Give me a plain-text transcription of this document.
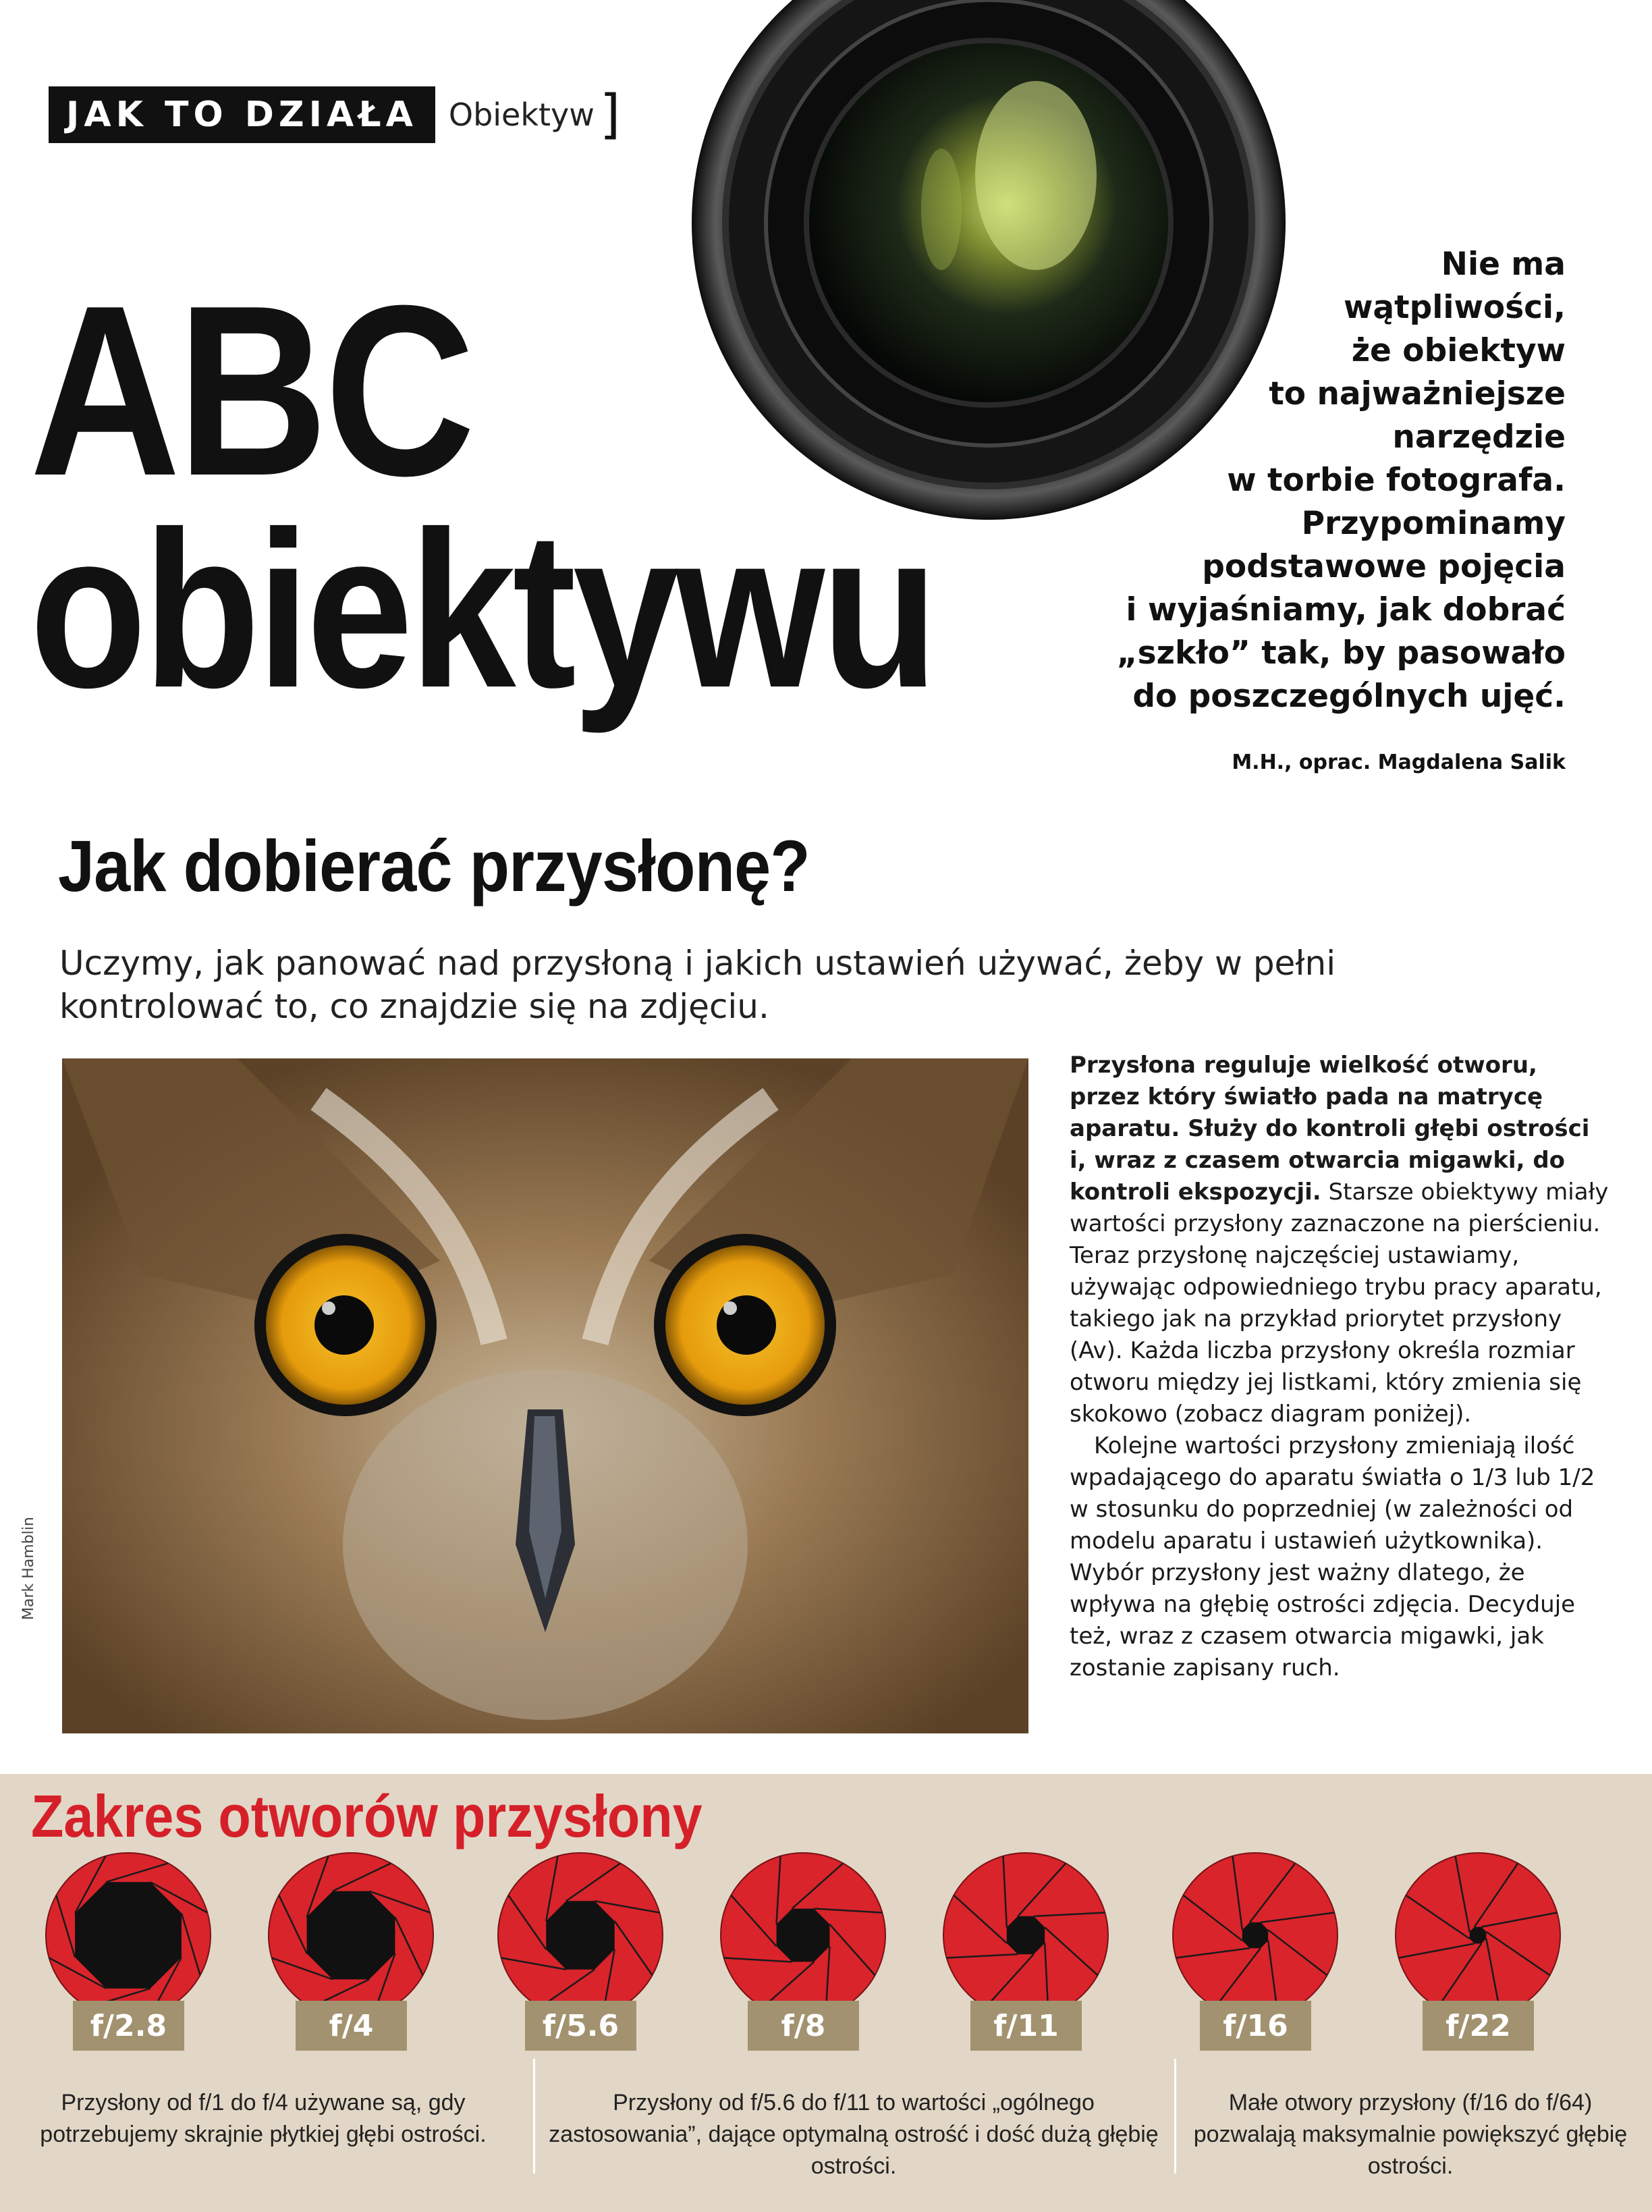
JAK TO DZIAŁA	Obiektyw ]
ABC
obiektywu
Nie ma
wątpliwości,
że obiektyw
to najważniejsze
narzędzie
w torbie fotografa.
Przypominamy
podstawowe pojęcia
i wyjaśniamy, jak dobrać
„szkło” tak, by pasowało
do poszczególnych ujęć.
M.H., oprac. Magdalena Salik
Jak dobierać przysłonę?
Uczymy, jak panować nad przysłoną i jakich ustawień używać, żeby w pełni kontrolować to, co znajdzie się na zdjęciu.
Mark Hamblin

Przysłona reguluje wielkość otworu, przez który światło pada na matrycę aparatu. Służy do kontroli głębi ostrości i, wraz z czasem otwarcia migawki, do kontroli ekspozycji. Starsze obiektywy miały wartości przysłony zaznaczone na pierścieniu. Teraz przysłonę najczęściej ustawiamy, używając odpowiedniego trybu pracy aparatu, takiego jak na przykład priorytet przysłony (Av). Każda liczba przysłony określa rozmiar otworu między jej listkami, który zmienia się skokowo (zobacz diagram poniżej).

Kolejne wartości przysłony zmieniają ilość wpadającego do aparatu światła o 1/3 lub 1/2 w stosunku do poprzedniej (w zależności od modelu aparatu i ustawień użytkownika). Wybór przysłony jest ważny dlatego, że wpływa na głębię ostrości zdjęcia. Decyduje też, wraz z czasem otwarcia migawki, jak zostanie zapisany ruch.

Zakres otworów przysłony
f/2.8	f/4	f/5.6	f/8	f/11	f/16	f/22
Przysłony od f/1 do f/4 używane są, gdy potrzebujemy skrajnie płytkiej głębi ostrości.
Przysłony od f/5.6 do f/11 to wartości „ogólnego zastosowania”, dające optymalną ostrość i dość dużą głębię ostrości.
Małe otwory przysłony (f/16 do f/64) pozwalają maksymalnie powiększyć głębię ostrości.
